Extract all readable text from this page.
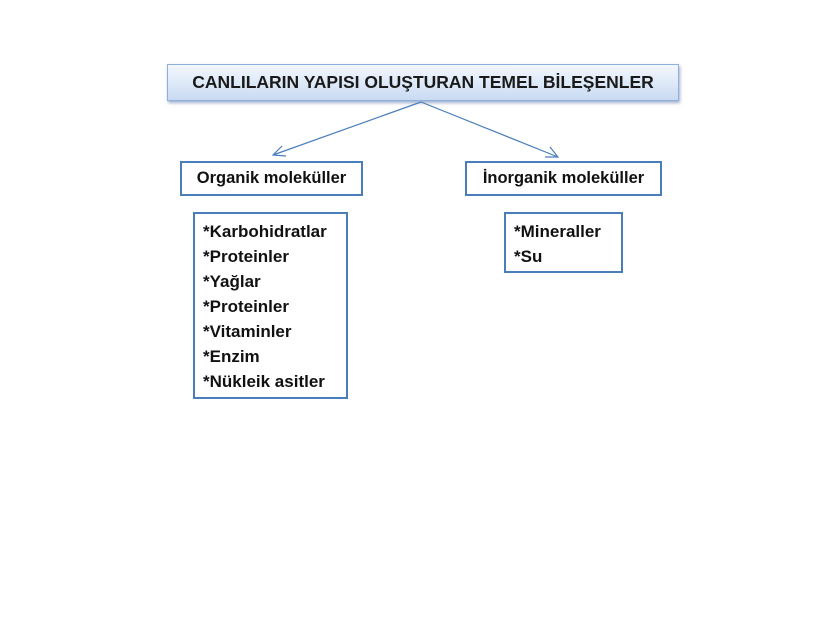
CANLILARIN YAPISI OLUŞTURAN TEMEL BİLEŞENLER
Organik moleküller	İnorganik moleküller
*Karbohidratlar
*Proteinler
*Yağlar
*Proteinler
*Vitaminler
*Enzim
*Nükleik asitler
*Mineraller
*Su
